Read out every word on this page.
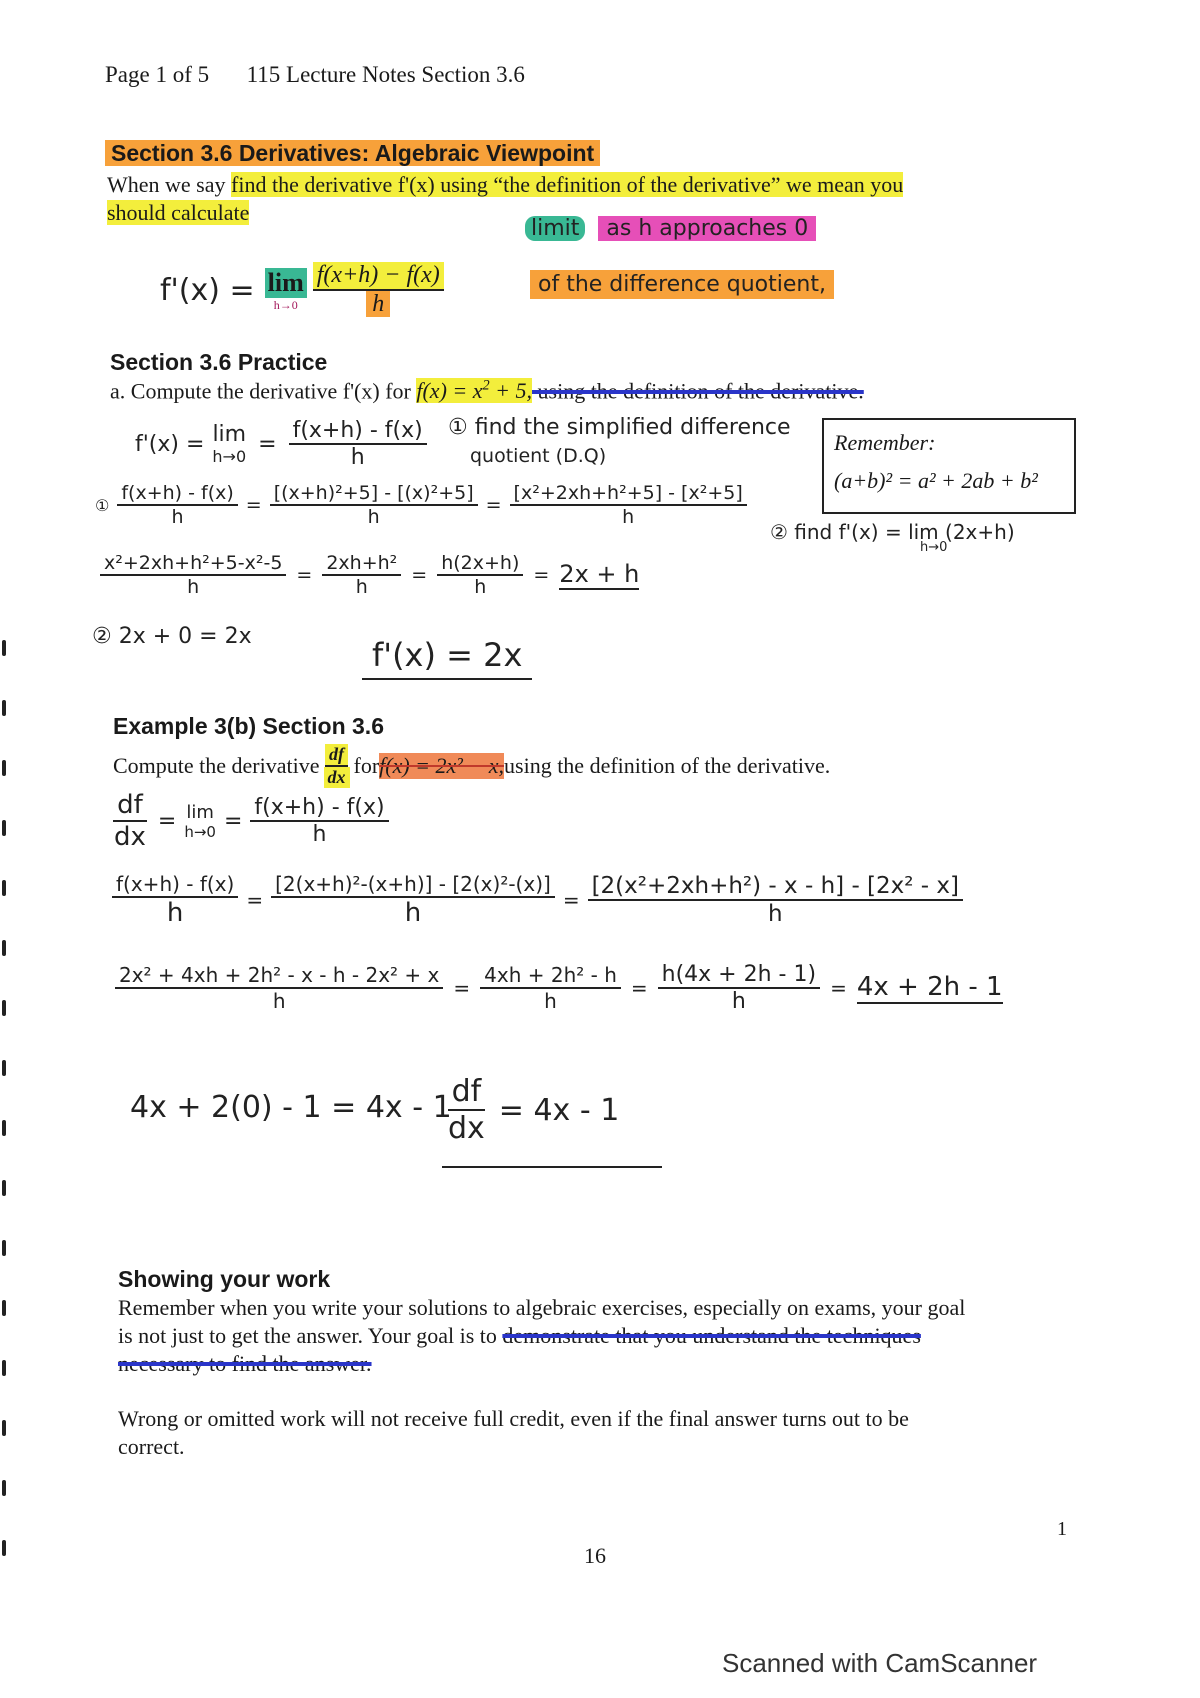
Page 1 of 5 115 Lecture Notes Section 3.6
Section 3.6 Derivatives: Algebraic Viewpoint
When we say find the derivative f'(x) using “the definition of the derivative” we mean you
should calculate
limit as h approaches 0
f'(x) = lim
$h\to 0 \frac{f(x+h) - f(x)}{h}$	of the difference quotient,
Section 3.6 Practice
a. Compute the derivative f'(x) for $f(x) = x^2 + 5$, using the definition of the derivative.
Remember:
(a+b)² = a² + 2ab + b²
f'(x) = lim
$h\to 0 = \frac{f(x+h) - f(x)}{h}$ ① find the simplified difference
quotient (D.Q)
① $\frac{f(x+h) - f(x)}{h} = \frac{\text{[(x+h)²+5] - [(x)²+5]}}{h} = \frac{\text{[x²+2xh+h²+5] - [x²+5]}}{h}$
② find f'(x) = lim (2x+h)
h→0
$\frac{\text{x²+2xh+h²+5-x²-5}}{h} = \frac{\text{2xh+h²}}{h} = \frac{h(2x+h)}{h} = 2x + h$
② 2x + 0 = 2x	f'(x) = 2x
Example 3(b) Section 3.6
Compute the derivative $\frac{df}{dx}$ for f(x) = 2x² − x, using the definition of the derivative.
$\frac{df}{dx} = \lim$
$h\to 0 = \frac{f(x+h) - f(x)}{h}$
$\frac{f(x+h) - f(x)}{h} = \frac{\text{[2(x+h)²-(x+h)] - [2(x)²-(x)]}}{h} = \frac{\text{[2(x²+2xh+h²) - x - h] - [2x² - x]}}{h}$
$\frac{\text{2x² + 4xh + 2h² - x - h - 2x² + x}}{h} = \frac{\text{4xh + 2h² - h}}{h} = \frac{h(4x + 2h - 1)}{h} = 4x + 2h - 1$
4x + 2(0) - 1 = 4x - 1
$\frac{df}{dx} = 4x - 1$
Showing your work
Remember when you write your solutions to algebraic exercises, especially on exams, your goal
is not just to get the answer. Your goal is to demonstrate that you understand the techniques
necessary to find the answer.
Wrong or omitted work will not receive full credit, even if the final answer turns out to be
correct.
1
16
Scanned with CamScanner
